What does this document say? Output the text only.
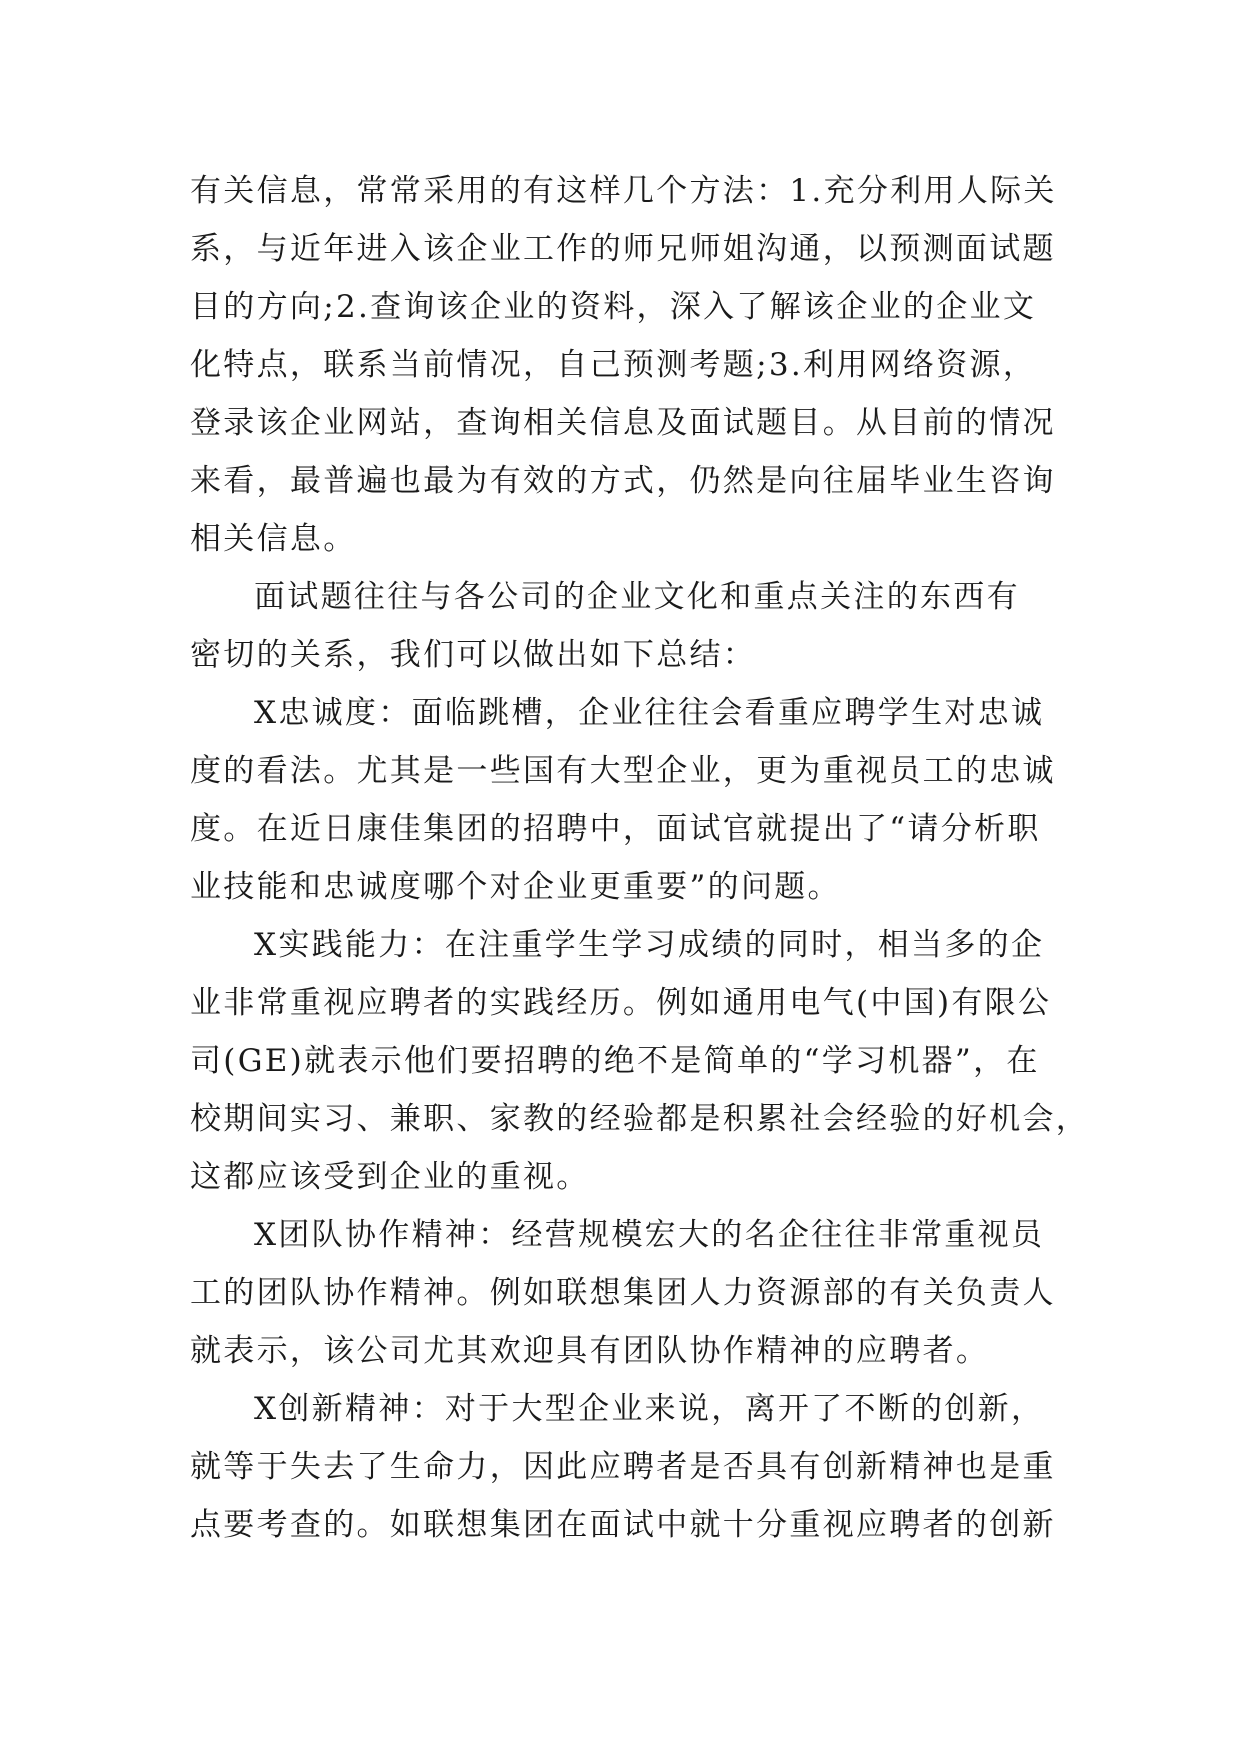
有关信息，常常采用的有这样几个方法：1.充分利用人际关
系，与近年进入该企业工作的师兄师姐沟通，以预测面试题
目的方向;2.查询该企业的资料，深入了解该企业的企业文
化特点，联系当前情况，自己预测考题;3.利用网络资源，
登录该企业网站，查询相关信息及面试题目。从目前的情况
来看，最普遍也最为有效的方式，仍然是向往届毕业生咨询
相关信息。
面试题往往与各公司的企业文化和重点关注的东西有
密切的关系，我们可以做出如下总结：
X忠诚度：面临跳槽，企业往往会看重应聘学生对忠诚
度的看法。尤其是一些国有大型企业，更为重视员工的忠诚
度。在近日康佳集团的招聘中，面试官就提出了“请分析职
业技能和忠诚度哪个对企业更重要”的问题。
X实践能力：在注重学生学习成绩的同时，相当多的企
业非常重视应聘者的实践经历。例如通用电气(中国)有限公
司(GE)就表示他们要招聘的绝不是简单的“学习机器”，在
校期间实习、兼职、家教的经验都是积累社会经验的好机会，
这都应该受到企业的重视。
X团队协作精神：经营规模宏大的名企往往非常重视员
工的团队协作精神。例如联想集团人力资源部的有关负责人
就表示，该公司尤其欢迎具有团队协作精神的应聘者。
X创新精神：对于大型企业来说，离开了不断的创新，
就等于失去了生命力，因此应聘者是否具有创新精神也是重
点要考查的。如联想集团在面试中就十分重视应聘者的创新
